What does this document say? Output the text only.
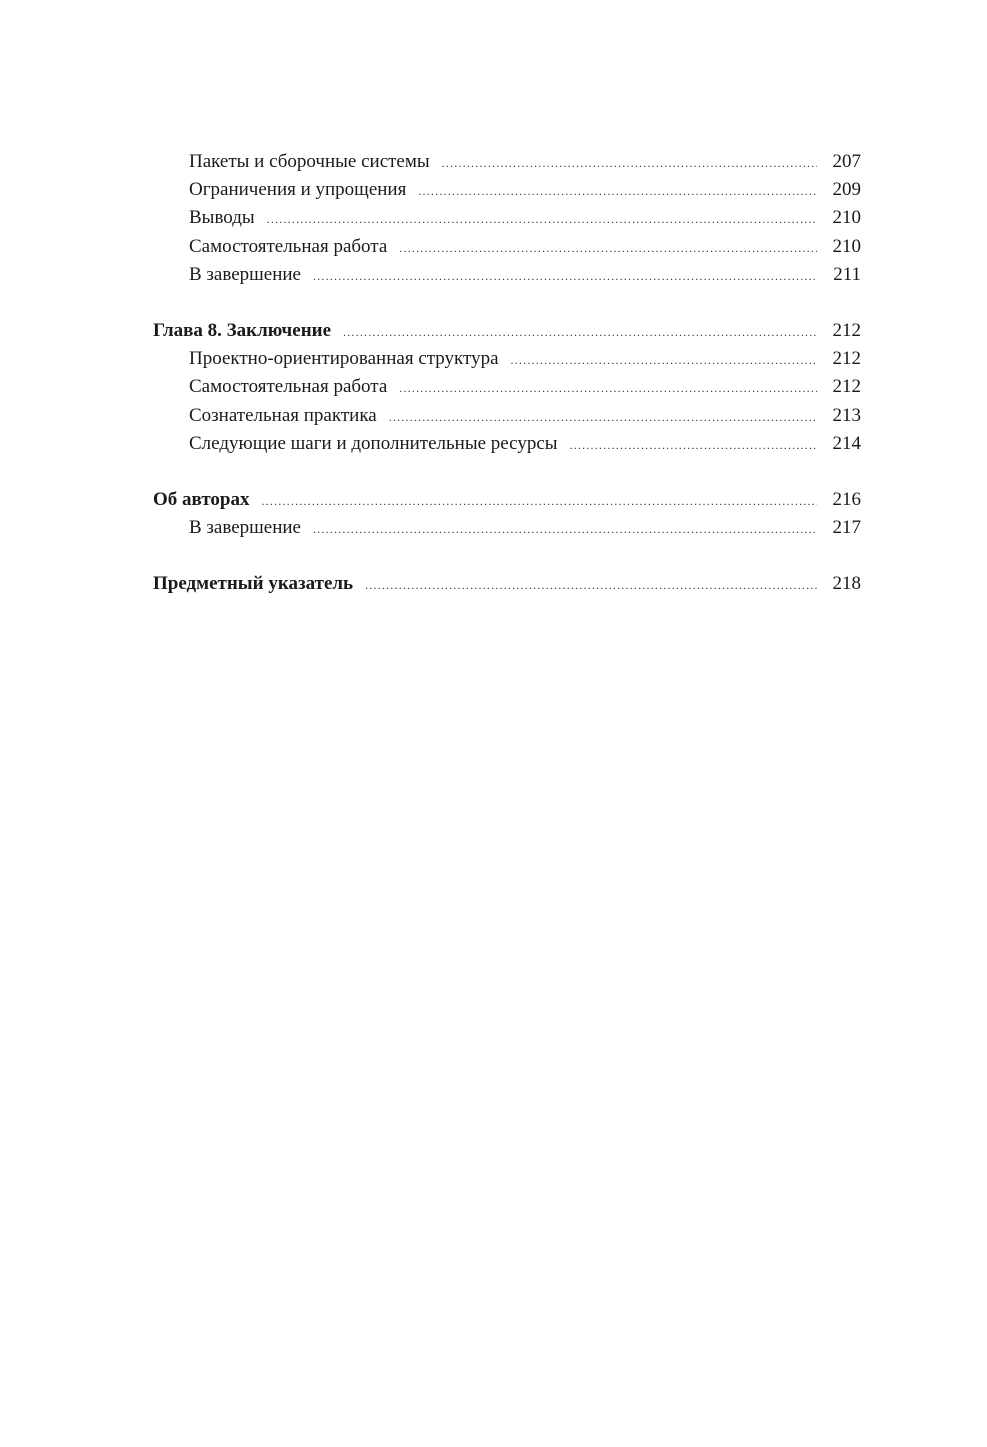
Пакеты и сборочные системы .....	207
Ограничения и упрощения .....	209
Выводы .....	210
Самостоятельная работа .....	210
В завершение .....	211
Глава 8. Заключение .....	212
Проектно-ориентированная структура .....	212
Самостоятельная работа .....	212
Сознательная практика .....	213
Следующие шаги и дополнительные ресурсы .....	214
Об авторах .....	216
В завершение .....	217
Предметный указатель .....	218
